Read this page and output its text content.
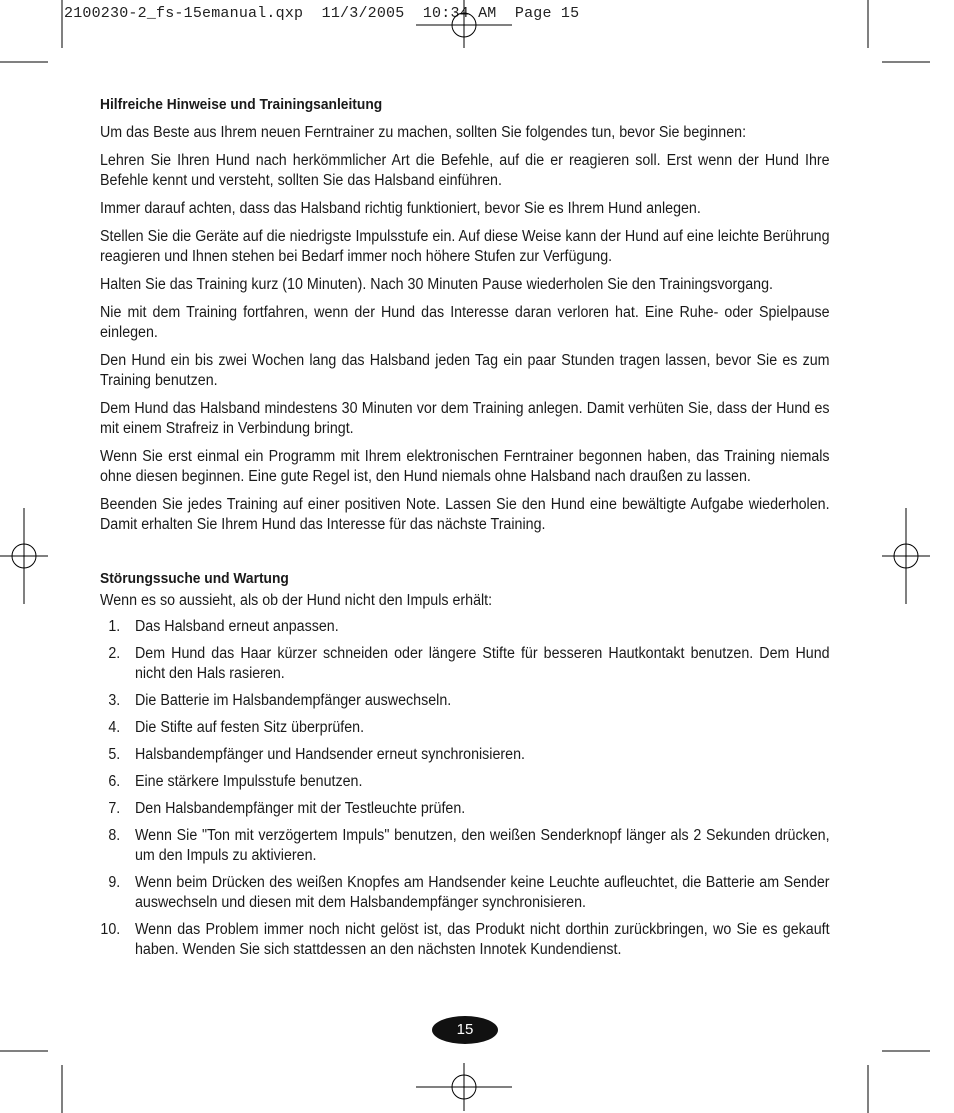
2100230-2_fs-15emanual.qxp  11/3/2005  10:34 AM  Page 15
Hilfreiche Hinweise und Trainingsanleitung

Um das Beste aus Ihrem neuen Ferntrainer zu machen, sollten Sie folgendes tun, bevor Sie beginnen:

Lehren Sie Ihren Hund nach herkömmlicher Art die Befehle, auf die er reagieren soll. Erst wenn der Hund Ihre Befehle kennt und versteht, sollten Sie das Halsband einführen.

Immer darauf achten, dass das Halsband richtig funktioniert, bevor Sie es Ihrem Hund anlegen.

Stellen Sie die Geräte auf die niedrigste Impulsstufe ein. Auf diese Weise kann der Hund auf eine leichte Berührung reagieren und Ihnen stehen bei Bedarf immer noch höhere Stufen zur Verfügung.

Halten Sie das Training kurz (10 Minuten). Nach 30 Minuten Pause wiederholen Sie den Trainingsvorgang.

Nie mit dem Training fortfahren, wenn der Hund das Interesse daran verloren hat. Eine Ruhe- oder Spielpause einlegen.

Den Hund ein bis zwei Wochen lang das Halsband jeden Tag ein paar Stunden tragen lassen, bevor Sie es zum Training benutzen.

Dem Hund das Halsband mindestens 30 Minuten vor dem Training anlegen. Damit verhüten Sie, dass der Hund es mit einem Strafreiz in Verbindung bringt.

Wenn Sie erst einmal ein Programm mit Ihrem elektronischen Ferntrainer begonnen haben, das Training niemals ohne diesen beginnen. Eine gute Regel ist, den Hund niemals ohne Halsband nach draußen zu lassen.

Beenden Sie jedes Training auf einer positiven Note. Lassen Sie den Hund eine bewältigte Aufgabe wiederholen. Damit erhalten Sie Ihrem Hund das Interesse für das nächste Training.

Störungssuche und Wartung

Wenn es so aussieht, als ob der Hund nicht den Impuls erhält:

1. Das Halsband erneut anpassen.
2. Dem Hund das Haar kürzer schneiden oder längere Stifte für besseren Hautkontakt benutzen. Dem Hund nicht den Hals rasieren.
3. Die Batterie im Halsbandempfänger auswechseln.
4. Die Stifte auf festen Sitz überprüfen.
5. Halsbandempfänger und Handsender erneut synchronisieren.
6. Eine stärkere Impulsstufe benutzen.
7. Den Halsbandempfänger mit der Testleuchte prüfen.
8. Wenn Sie "Ton mit verzögertem Impuls" benutzen, den weißen Senderknopf länger als 2 Sekunden drücken, um den Impuls zu aktivieren.
9. Wenn beim Drücken des weißen Knopfes am Handsender keine Leuchte aufleuchtet, die Batterie am Sender auswechseln und diesen mit dem Halsbandempfänger synchronisieren.
10. Wenn das Problem immer noch nicht gelöst ist, das Produkt nicht dorthin zurückbringen, wo Sie es gekauft haben. Wenden Sie sich stattdessen an den nächsten Innotek Kundendienst.
15
